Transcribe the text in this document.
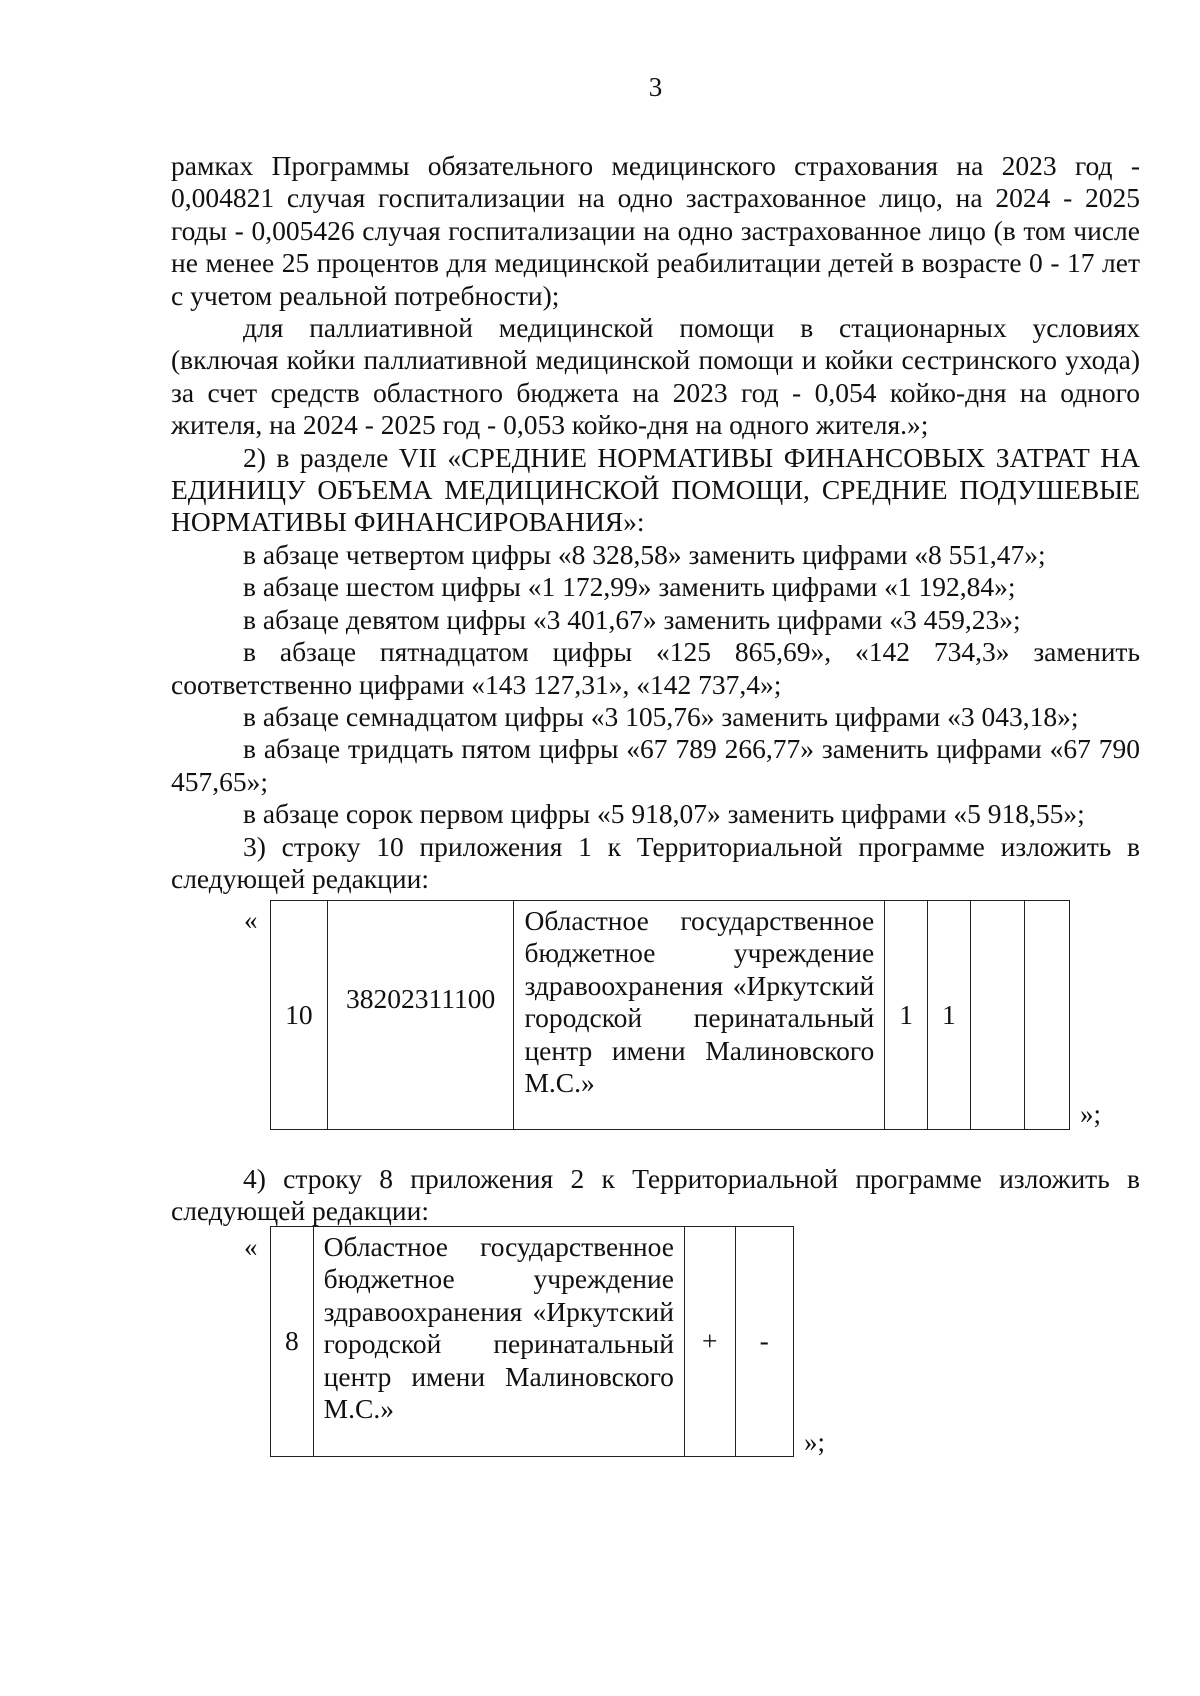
3

рамках Программы обязательного медицинского страхования на 2023 год - 0,004821 случая госпитализации на одно застрахованное лицо, на 2024 - 2025 годы - 0,005426 случая госпитализации на одно застрахованное лицо (в том числе не менее 25 процентов для медицинской реабилитации детей в возрасте 0 - 17 лет с учетом реальной потребности);

для паллиативной медицинской помощи в стационарных условиях (включая койки паллиативной медицинской помощи и койки сестринского ухода) за счет средств областного бюджета на 2023 год - 0,054 койко-дня на одного жителя, на 2024 - 2025 год - 0,053 койко-дня на одного жителя.»;

2) в разделе VII «СРЕДНИЕ НОРМАТИВЫ ФИНАНСОВЫХ ЗАТРАТ НА ЕДИНИЦУ ОБЪЕМА МЕДИЦИНСКОЙ ПОМОЩИ, СРЕДНИЕ ПОДУШЕВЫЕ НОРМАТИВЫ ФИНАНСИРОВАНИЯ»:

в абзаце четвертом цифры «8 328,58» заменить цифрами «8 551,47»;

в абзаце шестом цифры «1 172,99» заменить цифрами «1 192,84»;

в абзаце девятом цифры «3 401,67» заменить цифрами «3 459,23»;

в абзаце пятнадцатом цифры «125 865,69», «142 734,3» заменить соответственно цифрами «143 127,31», «142 737,4»;

в абзаце семнадцатом цифры «3 105,76» заменить цифрами «3 043,18»;

в абзаце тридцать пятом цифры «67 789 266,77» заменить цифрами «67 790 457,65»;

в абзаце сорок первом цифры «5 918,07» заменить цифрами «5 918,55»;

3) строку 10 приложения 1 к Территориальной программе изложить в следующей редакции:

«
10	38202311100	Областное государственное бюджетное учреждение здравоохранения «Иркутский городской перинатальный центр имени Малиновского М.С.»	1	1		
»;

4) строку 8 приложения 2 к Территориальной программе изложить в следующей редакции:

«
8	Областное государственное бюджетное учреждение здравоохранения «Иркутский городской перинатальный центр имени Малиновского М.С.»	+	-
»;
